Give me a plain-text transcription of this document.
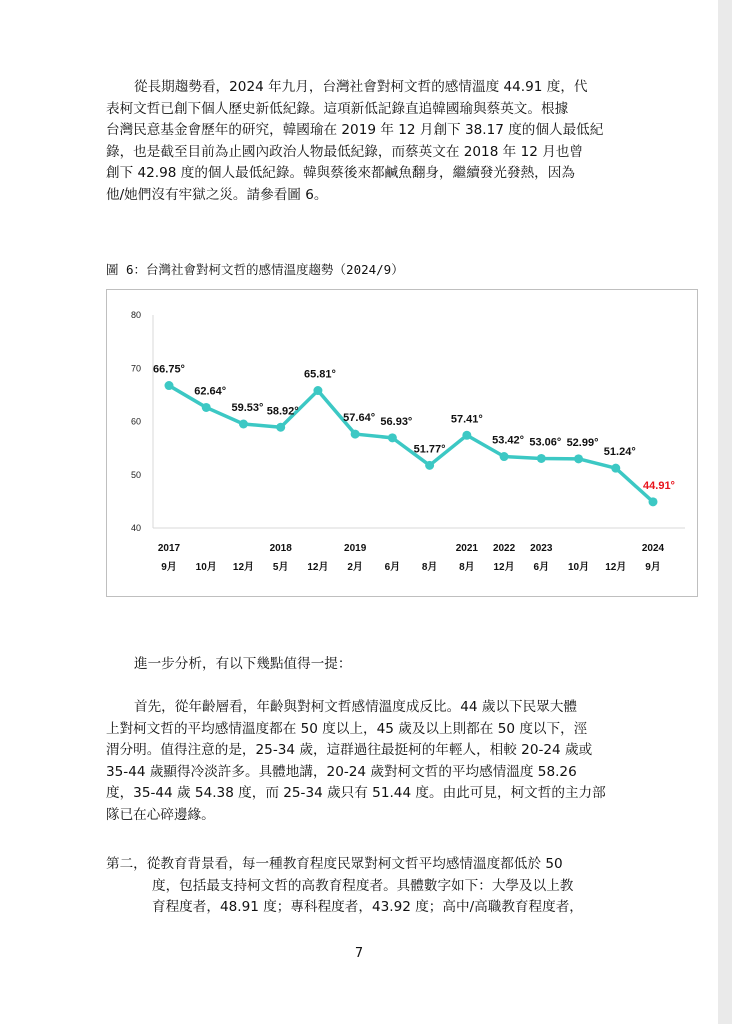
從長期趨勢看，2024 年九月，台灣社會對柯文哲的感情溫度 44.91 度，代
表柯文哲已創下個人歷史新低紀錄。這項新低記錄直追韓國瑜與蔡英文。根據
台灣民意基金會歷年的研究，韓國瑜在 2019 年 12 月創下 38.17 度的個人最低紀
錄，也是截至目前為止國內政治人物最低紀錄，而蔡英文在 2018 年 12 月也曾
創下 42.98 度的個人最低紀錄。韓與蔡後來都鹹魚翻身，繼續發光發熱，因為
他/她們沒有牢獄之災。請參看圖 6。
圖 6：台灣社會對柯文哲的感情溫度趨勢（2024/9）
40
50
60
70
80
66.75°
62.64°
59.53° 58.92°
65.81°
57.64° 56.93°
51.77°
57.41°
53.42° 53.06° 52.99°
51.24°
44.91°
2017	2018	2019	2021 2022 2023	2024
9月 10月 12月 5月 12月 2月 6月 8月 8月 12月 6月 10月 12月 9月
進一步分析，有以下幾點值得一提：
首先，從年齡層看，年齡與對柯文哲感情溫度成反比。44 歲以下民眾大體
上對柯文哲的平均感情溫度都在 50 度以上，45 歲及以上則都在 50 度以下，涇
渭分明。值得注意的是，25-34 歲，這群過往最挺柯的年輕人，相較 20-24 歲或
35-44 歲顯得冷淡許多。具體地講，20-24 歲對柯文哲的平均感情溫度 58.26
度，35-44 歲 54.38 度，而 25-34 歲只有 51.44 度。由此可見，柯文哲的主力部
隊已在心碎邊緣。
第二，從教育背景看，每一種教育程度民眾對柯文哲平均感情溫度都低於 50
度，包括最支持柯文哲的高教育程度者。具體數字如下：大學及以上教
育程度者，48.91 度；專科程度者，43.92 度；高中/高職教育程度者，
7
